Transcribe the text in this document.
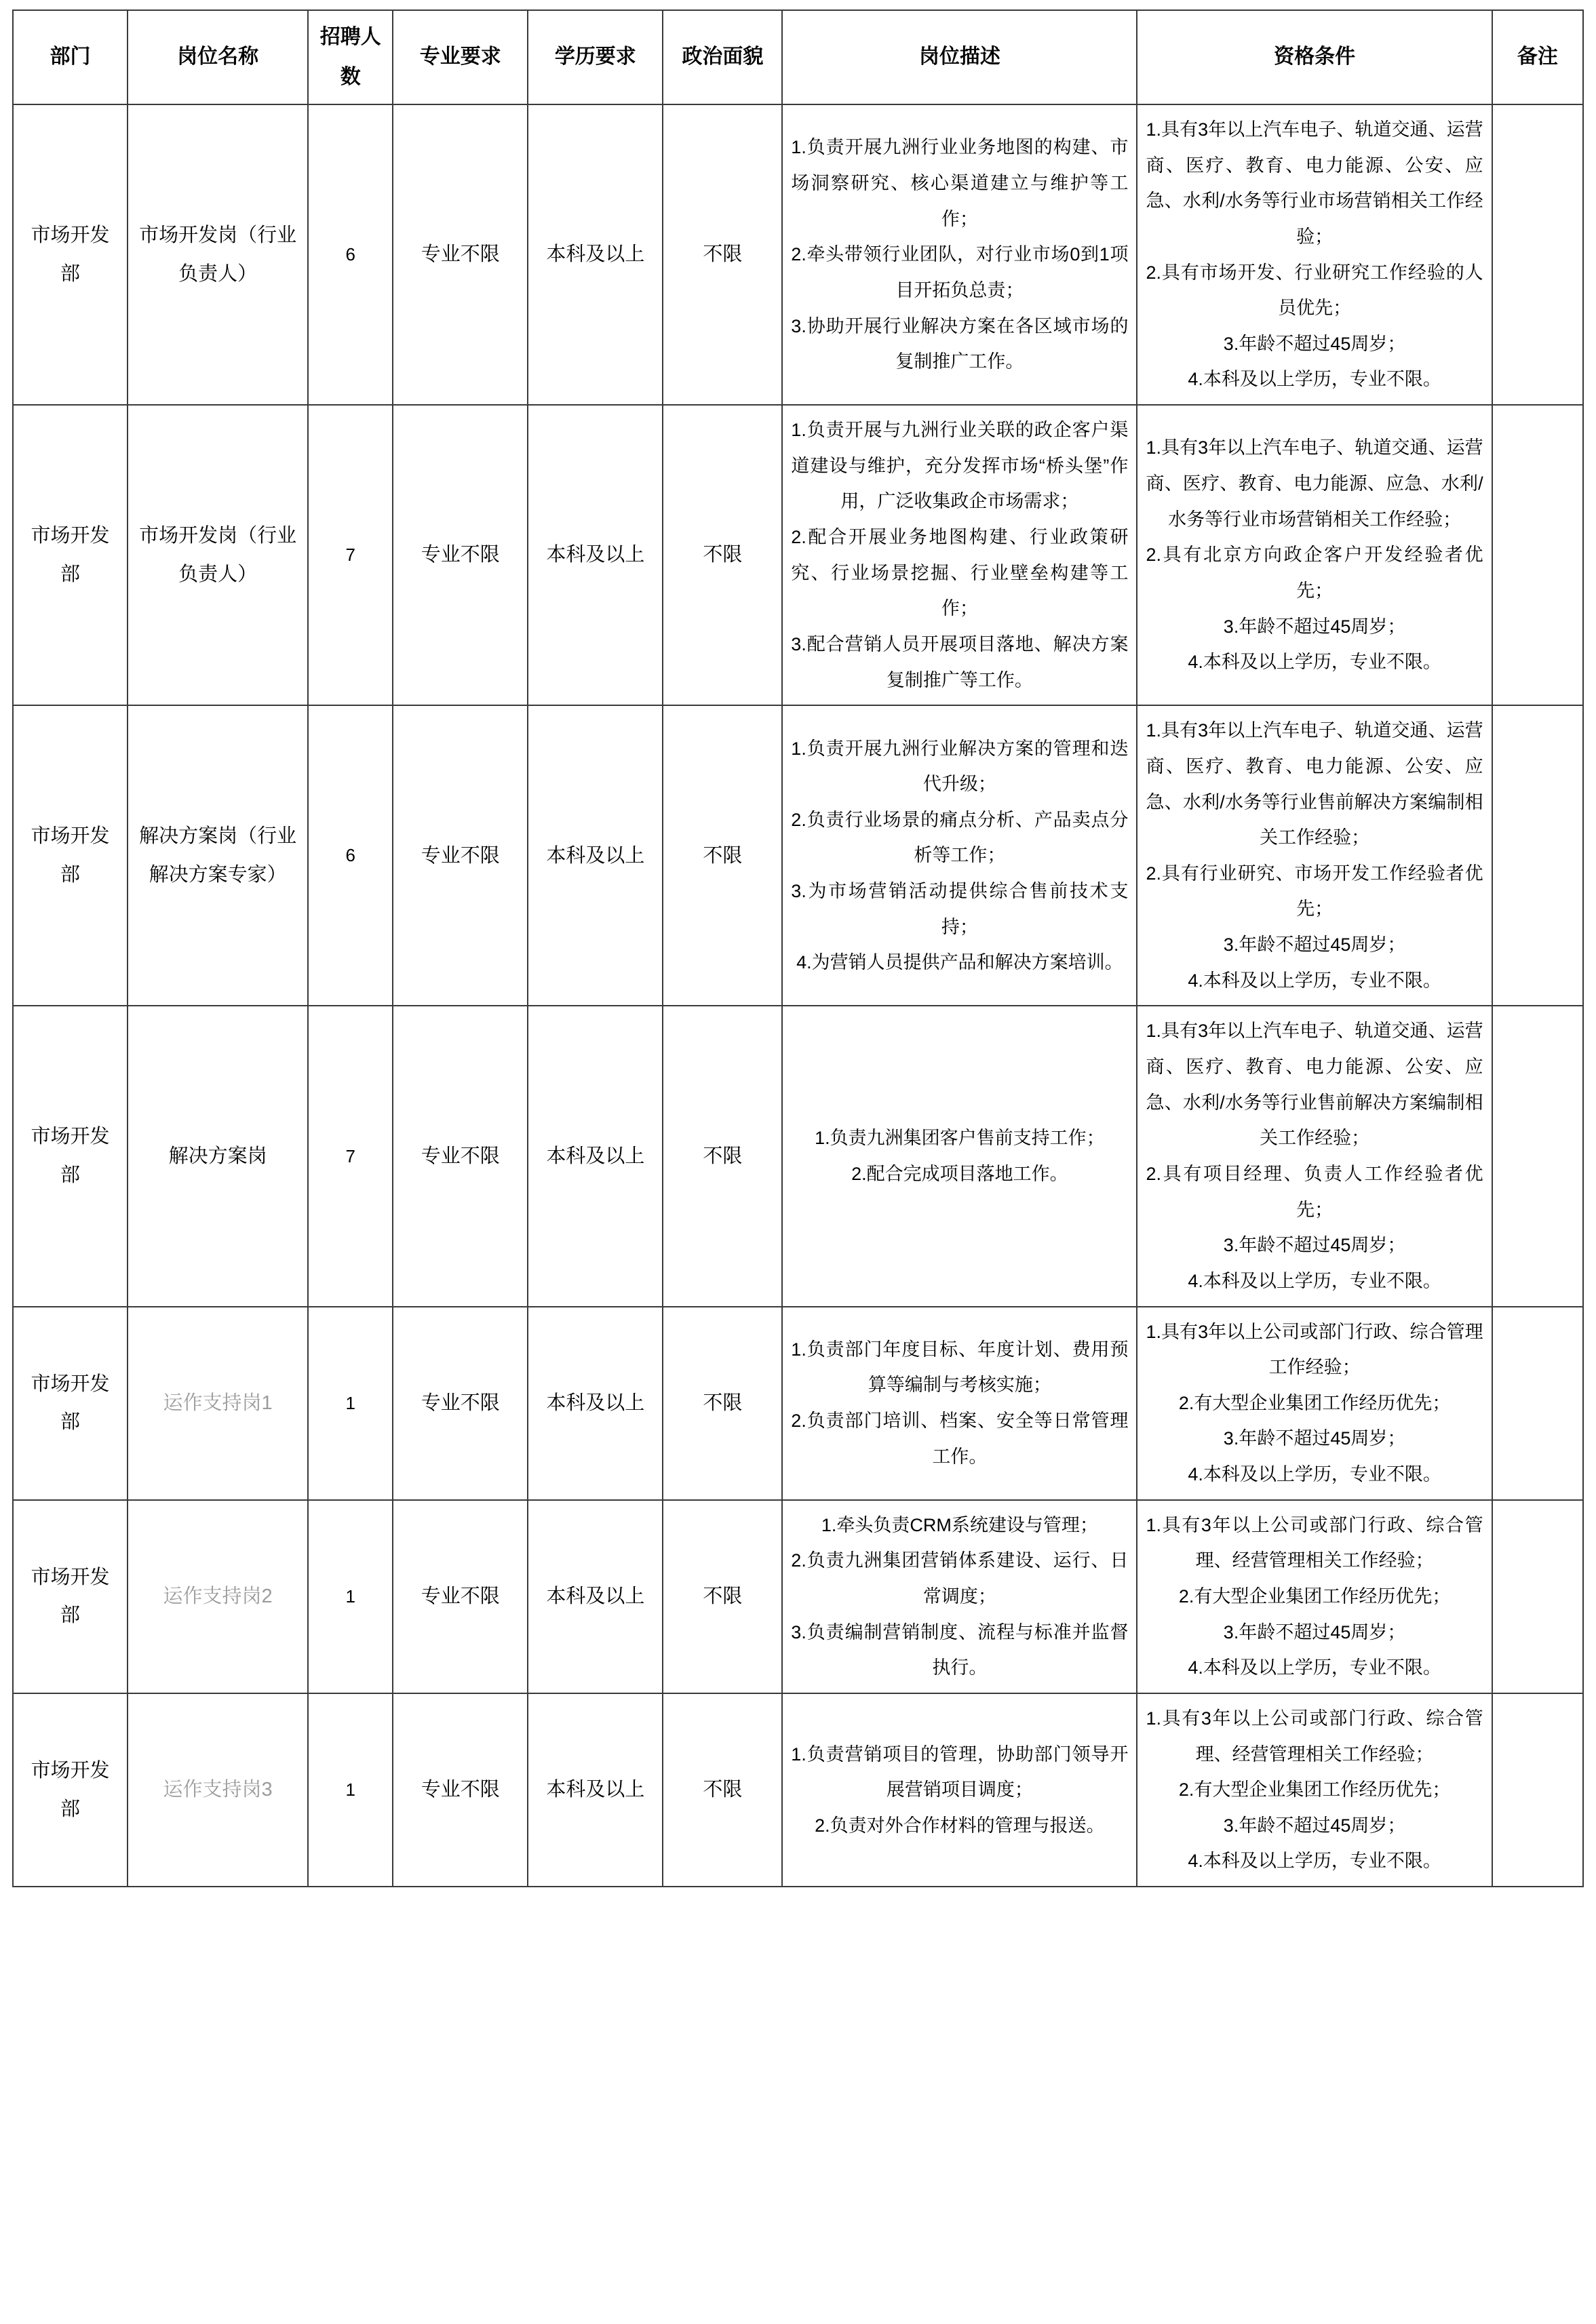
部门	岗位名称	招聘人数	专业要求	学历要求	政治面貌	岗位描述	资格条件	备注
市场开发部	市场开发岗（行业负责人）	6	专业不限	本科及以上	不限	1.负责开展九洲行业业务地图的构建、市场洞察研究、核心渠道建立与维护等工作；
2.牵头带领行业团队，对行业市场0到1项目开拓负总责；
3.协助开展行业解决方案在各区域市场的复制推广工作。	1.具有3年以上汽车电子、轨道交通、运营商、医疗、教育、电力能源、公安、应急、水利/水务等行业市场营销相关工作经验；
2.具有市场开发、行业研究工作经验的人员优先；
3.年龄不超过45周岁；
4.本科及以上学历，专业不限。	

市场开发部	市场开发岗（行业负责人）	7	专业不限	本科及以上	不限	1.负责开展与九洲行业关联的政企客户渠道建设与维护，充分发挥市场“桥头堡”作用，广泛收集政企市场需求；
2.配合开展业务地图构建、行业政策研究、行业场景挖掘、行业壁垒构建等工作；
3.配合营销人员开展项目落地、解决方案复制推广等工作。	1.具有3年以上汽车电子、轨道交通、运营商、医疗、教育、电力能源、应急、水利/水务等行业市场营销相关工作经验；
2.具有北京方向政企客户开发经验者优先；
3.年龄不超过45周岁；
4.本科及以上学历，专业不限。	

市场开发部	解决方案岗（行业解决方案专家）	6	专业不限	本科及以上	不限	1.负责开展九洲行业解决方案的管理和迭代升级；
2.负责行业场景的痛点分析、产品卖点分析等工作；
3.为市场营销活动提供综合售前技术支持；
4.为营销人员提供产品和解决方案培训。	1.具有3年以上汽车电子、轨道交通、运营商、医疗、教育、电力能源、公安、应急、水利/水务等行业售前解决方案编制相关工作经验；
2.具有行业研究、市场开发工作经验者优先；
3.年龄不超过45周岁；
4.本科及以上学历，专业不限。	

市场开发部	解决方案岗	7	专业不限	本科及以上	不限	1.负责九洲集团客户售前支持工作；
2.配合完成项目落地工作。	1.具有3年以上汽车电子、轨道交通、运营商、医疗、教育、电力能源、公安、应急、水利/水务等行业售前解决方案编制相关工作经验；
2.具有项目经理、负责人工作经验者优先；
3.年龄不超过45周岁；
4.本科及以上学历，专业不限。	

市场开发部	运作支持岗1	1	专业不限	本科及以上	不限	1.负责部门年度目标、年度计划、费用预算等编制与考核实施；
2.负责部门培训、档案、安全等日常管理工作。	1.具有3年以上公司或部门行政、综合管理工作经验；
2.有大型企业集团工作经历优先；
3.年龄不超过45周岁；
4.本科及以上学历，专业不限。	

市场开发部	运作支持岗2	1	专业不限	本科及以上	不限	1.牵头负责CRM系统建设与管理；
2.负责九洲集团营销体系建设、运行、日常调度；
3.负责编制营销制度、流程与标准并监督执行。	1.具有3年以上公司或部门行政、综合管理、经营管理相关工作经验；
2.有大型企业集团工作经历优先；
3.年龄不超过45周岁；
4.本科及以上学历，专业不限。	

市场开发部	运作支持岗3	1	专业不限	本科及以上	不限	1.负责营销项目的管理，协助部门领导开展营销项目调度；
2.负责对外合作材料的管理与报送。	1.具有3年以上公司或部门行政、综合管理、经营管理相关工作经验；
2.有大型企业集团工作经历优先；
3.年龄不超过45周岁；
4.本科及以上学历，专业不限。	
